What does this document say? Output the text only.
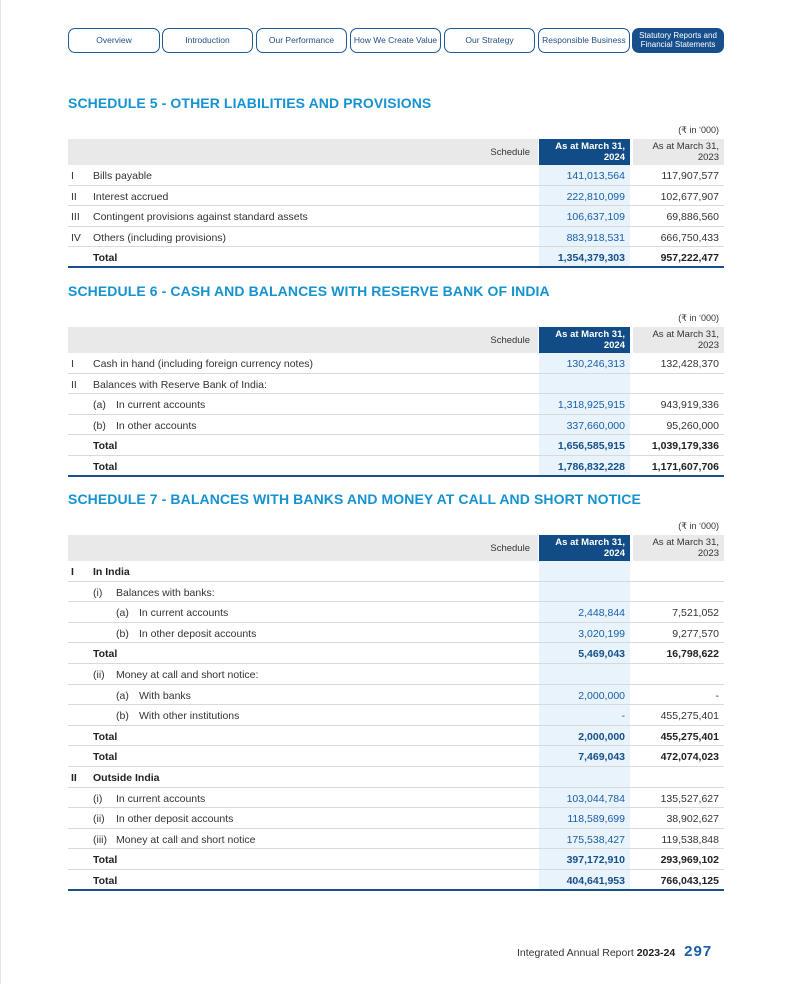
Overview	Introduction	Our Performance	How We Create Value	Our Strategy	Responsible Business	Statutory Reports and Financial Statements
SCHEDULE 5 - OTHER LIABILITIES AND PROVISIONS
(₹ in ‘000)
Schedule
As at March 31, 2024
As at March 31, 2023
I Bills payable	141,013,564	117,907,577
II Interest accrued	222,810,099	102,677,907
III Contingent provisions against standard assets	106,637,109	69,886,560
IV Others (including provisions)	883,918,531	666,750,433
Total	1,354,379,303	957,222,477
SCHEDULE 6 - CASH AND BALANCES WITH RESERVE BANK OF INDIA
(₹ in ‘000)
Schedule
As at March 31, 2024
As at March 31, 2023
I Cash in hand (including foreign currency notes)	130,246,313	132,428,370
II Balances with Reserve Bank of India:
(a) In current accounts	1,318,925,915	943,919,336
(b) In other accounts	337,660,000	95,260,000
Total	1,656,585,915	1,039,179,336
Total	1,786,832,228	1,171,607,706
SCHEDULE 7 - BALANCES WITH BANKS AND MONEY AT CALL AND SHORT NOTICE
(₹ in ‘000)
Schedule
As at March 31, 2024
As at March 31, 2023
I In India
(i) Balances with banks:
(a) In current accounts	2,448,844	7,521,052
(b) In other deposit accounts	3,020,199	9,277,570
Total	5,469,043	16,798,622
(ii) Money at call and short notice:
(a) With banks	2,000,000	-
(b) With other institutions	-	455,275,401
Total	2,000,000	455,275,401
Total	7,469,043	472,074,023
II Outside India
(i) In current accounts	103,044,784	135,527,627
(ii) In other deposit accounts	118,589,699	38,902,627
(iii) Money at call and short notice	175,538,427	119,538,848
Total	397,172,910	293,969,102
Total	404,641,953	766,043,125
Integrated Annual Report 2023-24 297
